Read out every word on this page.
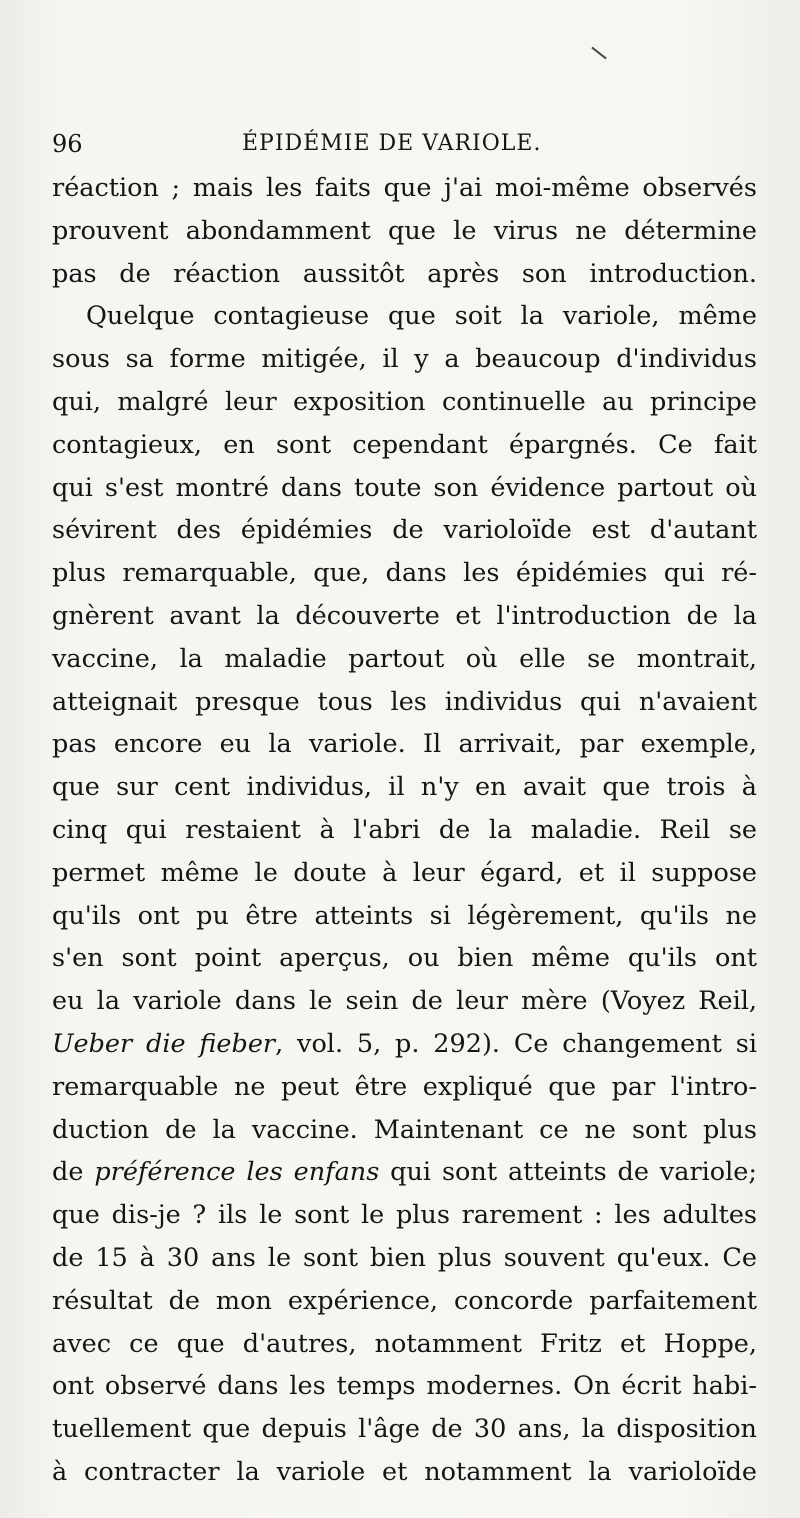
96	ÉPIDÉMIE DE VARIOLE.
réaction ; mais les faits que j'ai moi-même observés
prouvent abondamment que le virus ne détermine
pas de réaction aussitôt après son introduction.
Quelque contagieuse que soit la variole, même
sous sa forme mitigée, il y a beaucoup d'individus
qui, malgré leur exposition continuelle au principe
contagieux, en sont cependant épargnés. Ce fait
qui s'est montré dans toute son évidence partout où
sévirent des épidémies de varioloïde est d'autant
plus remarquable, que, dans les épidémies qui ré-
gnèrent avant la découverte et l'introduction de la
vaccine, la maladie partout où elle se montrait,
atteignait presque tous les individus qui n'avaient
pas encore eu la variole. Il arrivait, par exemple,
que sur cent individus, il n'y en avait que trois à
cinq qui restaient à l'abri de la maladie. Reil se
permet même le doute à leur égard, et il suppose
qu'ils ont pu être atteints si légèrement, qu'ils ne
s'en sont point aperçus, ou bien même qu'ils ont
eu la variole dans le sein de leur mère (Voyez Reil,
Ueber die fieber, vol. 5, p. 292). Ce changement si
remarquable ne peut être expliqué que par l'intro-
duction de la vaccine. Maintenant ce ne sont plus
de préférence les enfans qui sont atteints de variole;
que dis-je ? ils le sont le plus rarement : les adultes
de 15 à 30 ans le sont bien plus souvent qu'eux. Ce
résultat de mon expérience, concorde parfaitement
avec ce que d'autres, notamment Fritz et Hoppe,
ont observé dans les temps modernes. On écrit habi-
tuellement que depuis l'âge de 30 ans, la disposition
à contracter la variole et notamment la varioloïde
